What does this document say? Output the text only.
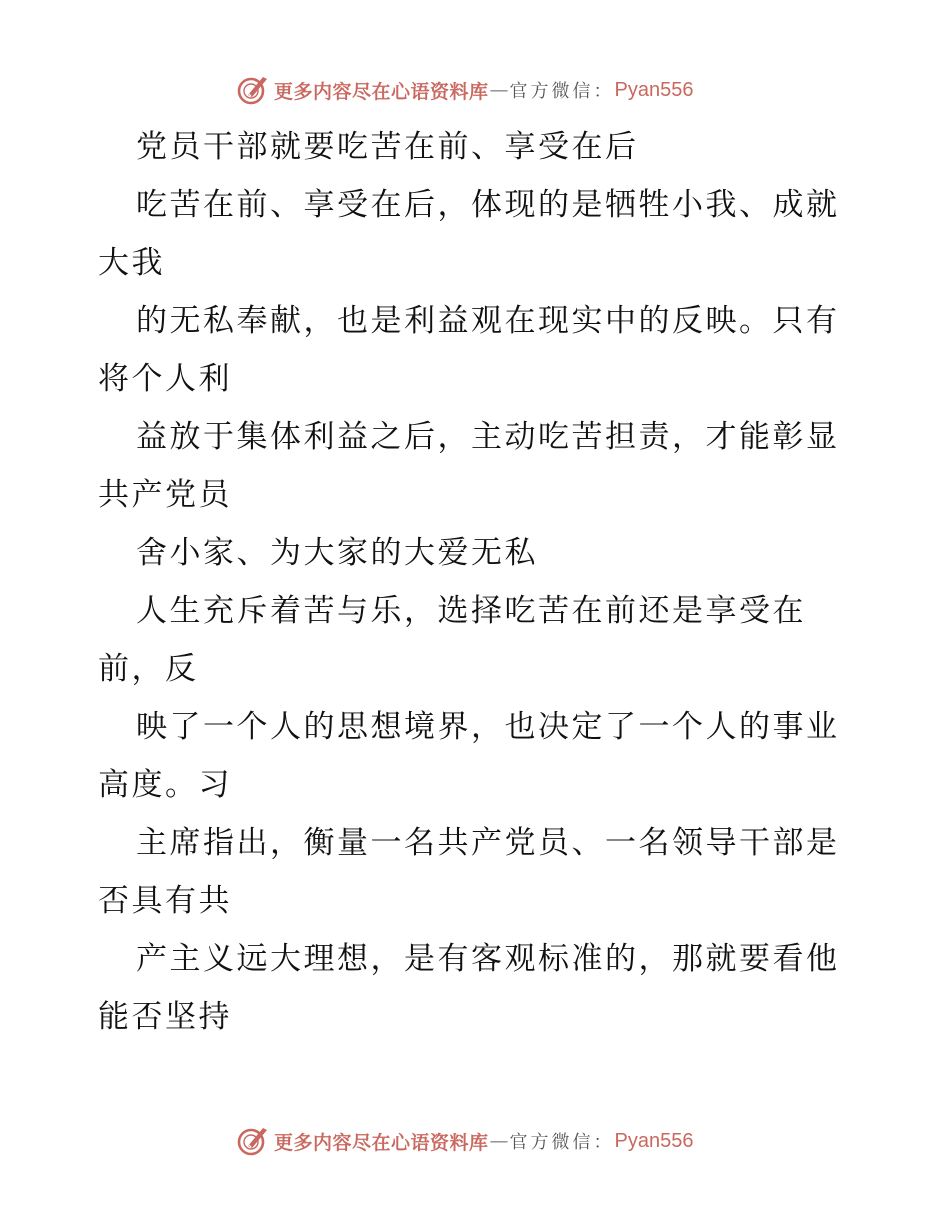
更多内容尽在心语资料库 — 官方微信： Pyan556

党员干部就要吃苦在前、享受在后

吃苦在前、享受在后，体现的是牺牲小我、成就

大我

的无私奉献，也是利益观在现实中的反映。只有

将个人利

益放于集体利益之后，主动吃苦担责，才能彰显

共产党员

舍小家、为大家的大爱无私

人生充斥着苦与乐，选择吃苦在前还是享受在

前，反

映了一个人的思想境界，也决定了一个人的事业

高度。习

主席指出，衡量一名共产党员、一名领导干部是

否具有共

产主义远大理想，是有客观标准的，那就要看他

能否坚持

更多内容尽在心语资料库 — 官方微信： Pyan556
